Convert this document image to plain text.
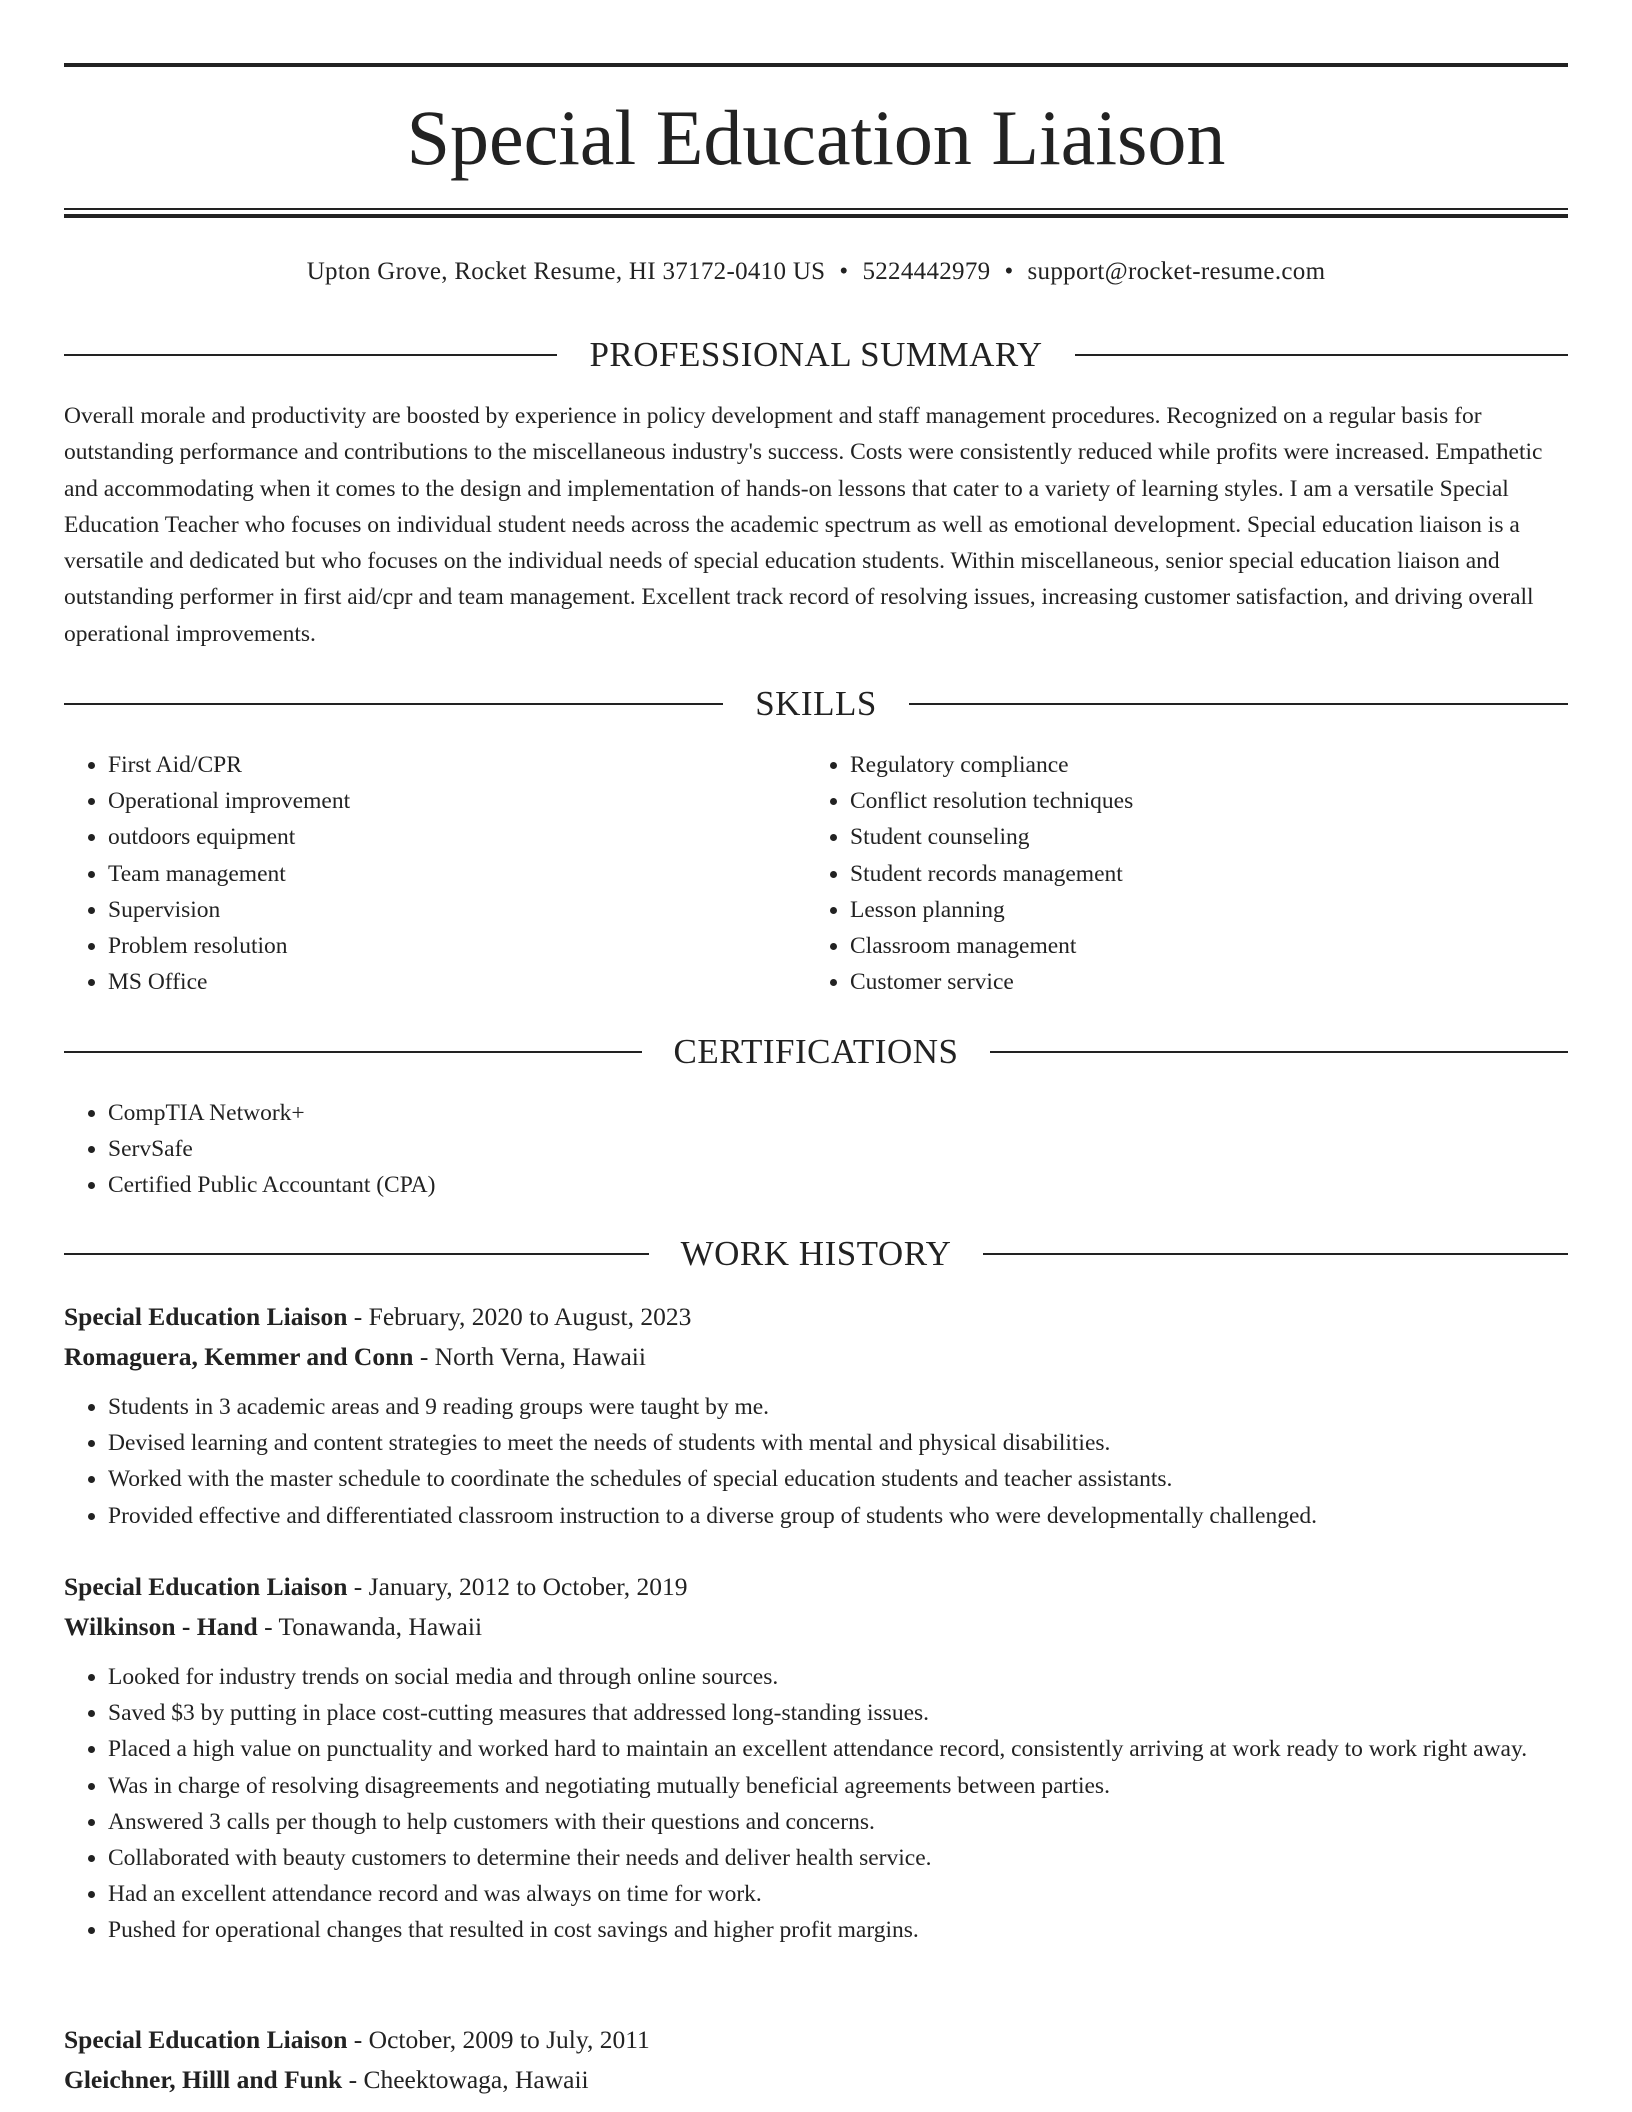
Special Education Liaison
Upton Grove, Rocket Resume, HI 37172-0410 US • 5224442979 • support@rocket-resume.com
PROFESSIONAL SUMMARY

Overall morale and productivity are boosted by experience in policy development and staff management procedures. Recognized on a regular basis for outstanding performance and contributions to the miscellaneous industry's success. Costs were consistently reduced while profits were increased. Empathetic and accommodating when it comes to the design and implementation of hands-on lessons that cater to a variety of learning styles. I am a versatile Special Education Teacher who focuses on individual student needs across the academic spectrum as well as emotional development. Special education liaison is a versatile and dedicated but who focuses on the individual needs of special education students. Within miscellaneous, senior special education liaison and outstanding performer in first aid/cpr and team management. Excellent track record of resolving issues, increasing customer satisfaction, and driving overall operational improvements.

SKILLS
• First Aid/CPR
• Operational improvement
• outdoors equipment
• Team management
• Supervision
• Problem resolution
• MS Office
• Regulatory compliance
• Conflict resolution techniques
• Student counseling
• Student records management
• Lesson planning
• Classroom management
• Customer service
CERTIFICATIONS
• CompTIA Network+
• ServSafe
• Certified Public Accountant (CPA)
WORK HISTORY
Special Education Liaison - February, 2020 to August, 2023
Romaguera, Kemmer and Conn - North Verna, Hawaii
• Students in 3 academic areas and 9 reading groups were taught by me.
• Devised learning and content strategies to meet the needs of students with mental and physical disabilities.
• Worked with the master schedule to coordinate the schedules of special education students and teacher assistants.
• Provided effective and differentiated classroom instruction to a diverse group of students who were developmentally challenged.
Special Education Liaison - January, 2012 to October, 2019
Wilkinson - Hand - Tonawanda, Hawaii
• Looked for industry trends on social media and through online sources.
• Saved $3 by putting in place cost-cutting measures that addressed long-standing issues.
• Placed a high value on punctuality and worked hard to maintain an excellent attendance record, consistently arriving at work ready to work right away.
• Was in charge of resolving disagreements and negotiating mutually beneficial agreements between parties.
• Answered 3 calls per though to help customers with their questions and concerns.
• Collaborated with beauty customers to determine their needs and deliver health service.
• Had an excellent attendance record and was always on time for work.
• Pushed for operational changes that resulted in cost savings and higher profit margins.
Special Education Liaison - October, 2009 to July, 2011
Gleichner, Hilll and Funk - Cheektowaga, Hawaii
